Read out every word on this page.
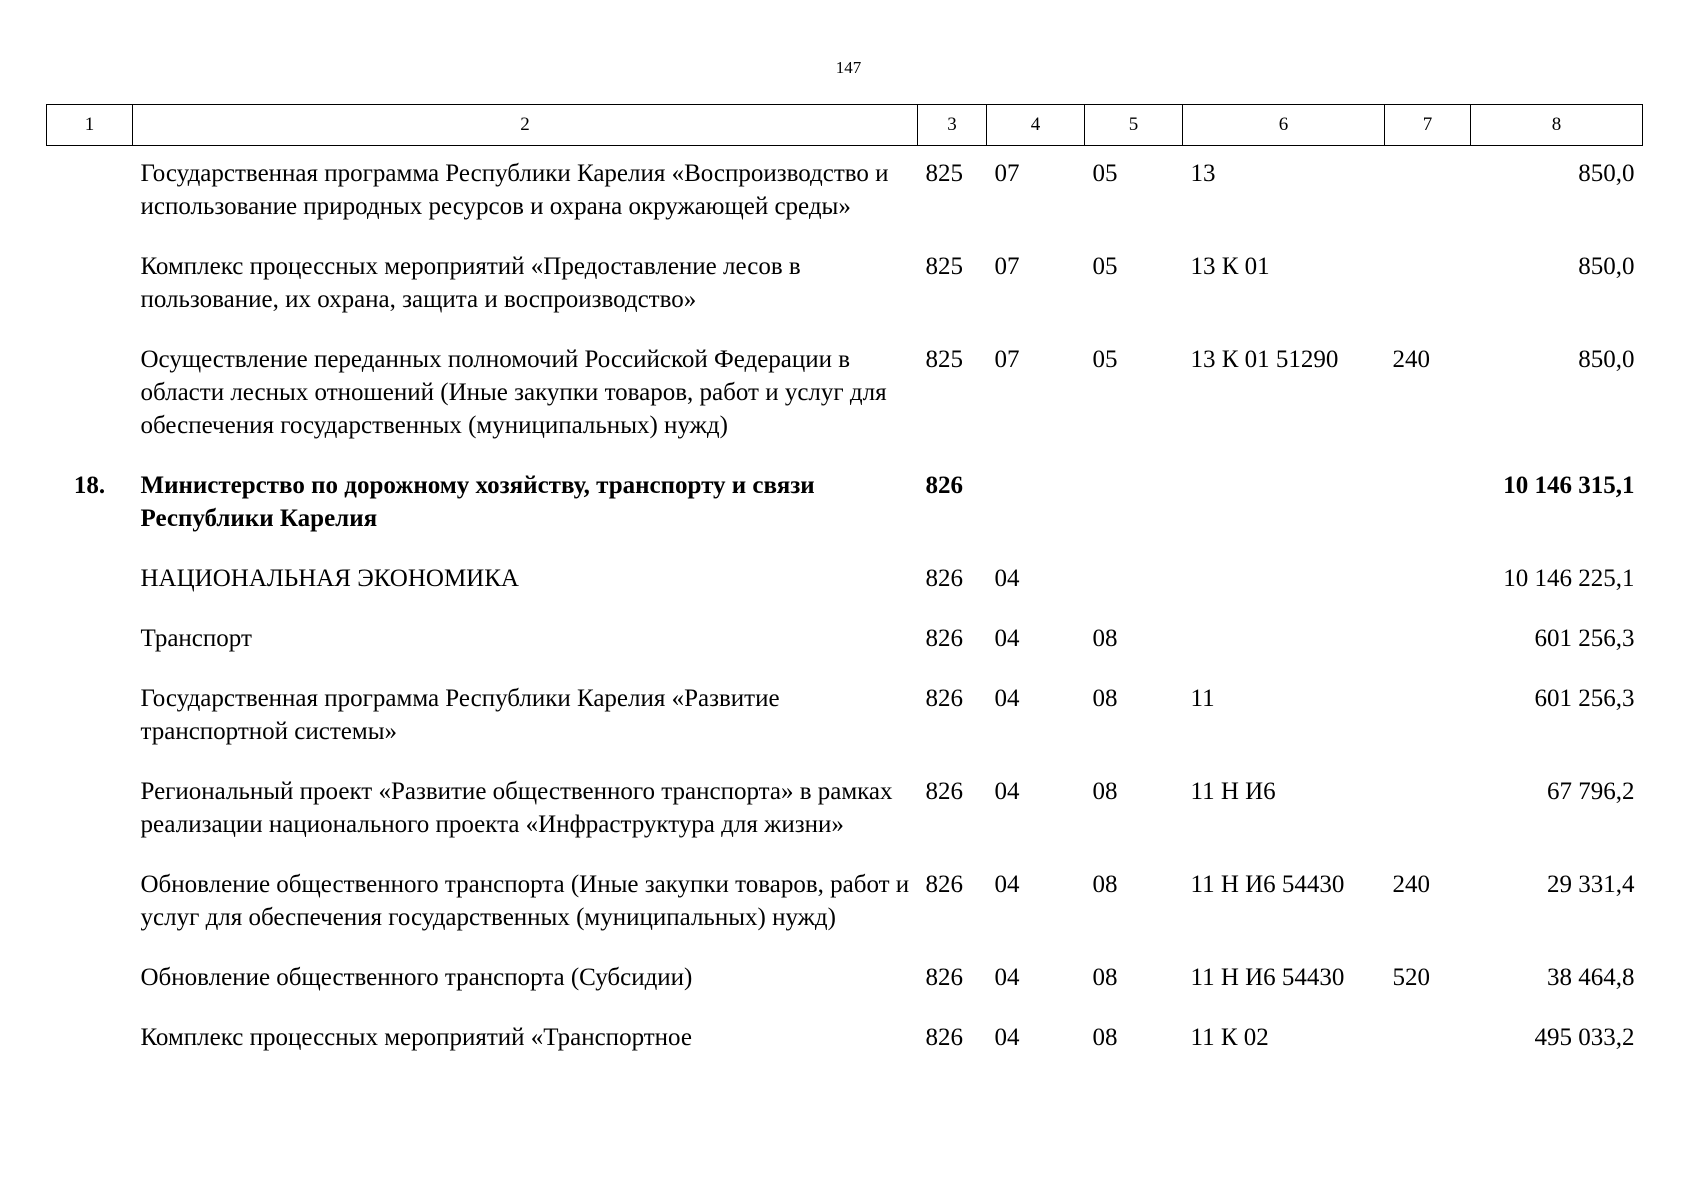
147
1	2	3	4	5	6	7	8
	Государственная программа Республики Карелия «Воспроизводство и использование природных ресурсов и охрана окружающей среды»	825	07	05	13		850,0
	Комплекс процессных мероприятий «Предоставление лесов в пользование, их охрана, защита и воспроизводство»	825	07	05	13 К 01		850,0
	Осуществление переданных полномочий Российской Федерации в области лесных отношений (Иные закупки товаров, работ и услуг для обеспечения государственных (муниципальных) нужд)	825	07	05	13 К 01 51290	240	850,0
18.	Министерство по дорожному хозяйству, транспорту и связи Республики Карелия	826					10 146 315,1
	НАЦИОНАЛЬНАЯ ЭКОНОМИКА	826	04				10 146 225,1
	Транспорт	826	04	08			601 256,3
	Государственная программа Республики Карелия «Развитие транспортной системы»	826	04	08	11		601 256,3
	Региональный проект «Развитие общественного транспорта» в рамках реализации национального проекта «Инфраструктура для жизни»	826	04	08	11 Н И6		67 796,2
	Обновление общественного транспорта (Иные закупки товаров, работ и услуг для обеспечения государственных (муниципальных) нужд)	826	04	08	11 Н И6 54430	240	29 331,4
	Обновление общественного транспорта (Субсидии)	826	04	08	11 Н И6 54430	520	38 464,8
	Комплекс процессных мероприятий «Транспортное	826	04	08	11 К 02		495 033,2
